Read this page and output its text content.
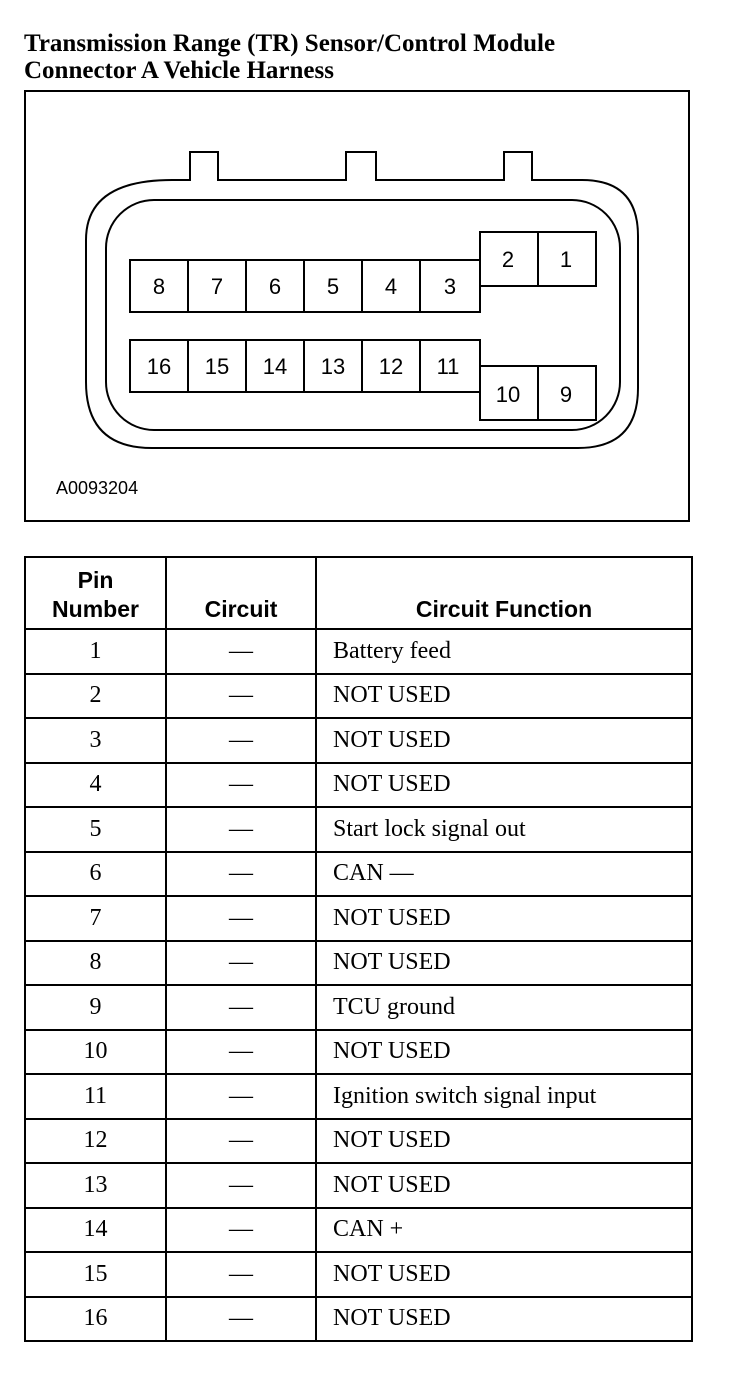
Transmission Range (TR) Sensor/Control Module
Connector A Vehicle Harness
8 7 6 5 4 3
2 1
16 15 14 13 12 11
10 9
A0093204
Pin
Number	Circuit	Circuit Function
1	—	Battery feed
2	—	NOT USED
3	—	NOT USED
4	—	NOT USED
5	—	Start lock signal out
6	—	CAN —
7	—	NOT USED
8	—	NOT USED
9	—	TCU ground
10	—	NOT USED
11	—	Ignition switch signal input
12	—	NOT USED
13	—	NOT USED
14	—	CAN +
15	—	NOT USED
16	—	NOT USED
